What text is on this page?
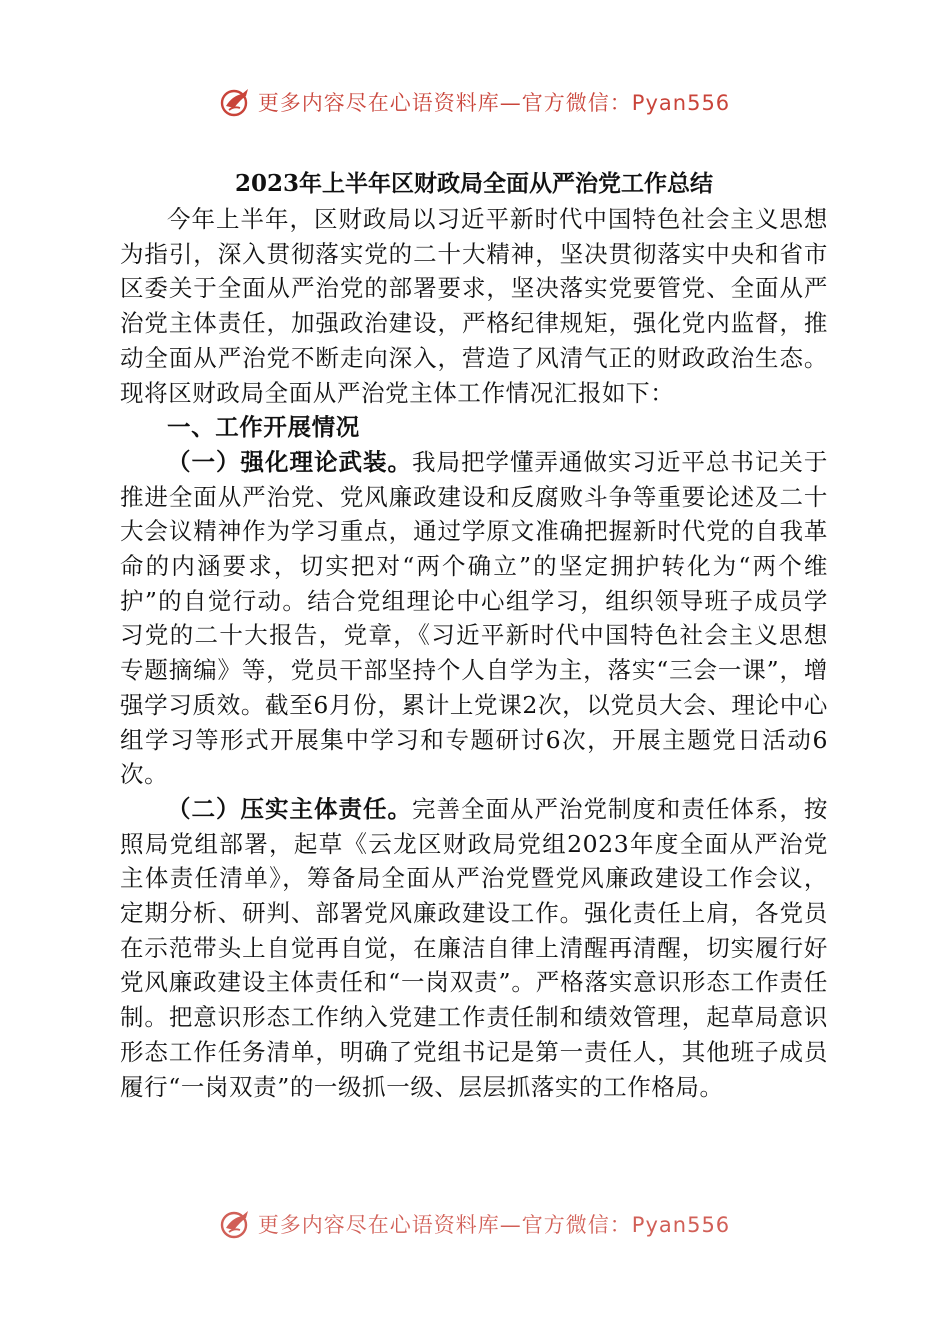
更多内容尽在心语资料库—官方微信：Pyan556
2023年上半年区财政局全面从严治党工作总结

今年上半年，区财政局以习近平新时代中国特色社会主义思想为指引，深入贯彻落实党的二十大精神，坚决贯彻落实中央和省市区委关于全面从严治党的部署要求，坚决落实党要管党、全面从严治党主体责任，加强政治建设，严格纪律规矩，强化党内监督，推动全面从严治党不断走向深入，营造了风清气正的财政政治生态。现将区财政局全面从严治党主体工作情况汇报如下：

一、工作开展情况

（一）强化理论武装。我局把学懂弄通做实习近平总书记关于推进全面从严治党、党风廉政建设和反腐败斗争等重要论述及二十大会议精神作为学习重点，通过学原文准确把握新时代党的自我革命的内涵要求，切实把对“两个确立”的坚定拥护转化为“两个维护”的自觉行动。结合党组理论中心组学习，组织领导班子成员学习党的二十大报告，党章，《习近平新时代中国特色社会主义思想专题摘编》等，党员干部坚持个人自学为主，落实“三会一课”，增强学习质效。截至6月份，累计上党课2次，以党员大会、理论中心组学习等形式开展集中学习和专题研讨6次，开展主题党日活动6次。

（二）压实主体责任。完善全面从严治党制度和责任体系，按照局党组部署，起草《云龙区财政局党组2023年度全面从严治党主体责任清单》，筹备局全面从严治党暨党风廉政建设工作会议，定期分析、研判、部署党风廉政建设工作。强化责任上肩，各党员在示范带头上自觉再自觉，在廉洁自律上清醒再清醒，切实履行好党风廉政建设主体责任和“一岗双责”。严格落实意识形态工作责任制。把意识形态工作纳入党建工作责任制和绩效管理，起草局意识形态工作任务清单，明确了党组书记是第一责任人，其他班子成员履行“一岗双责”的一级抓一级、层层抓落实的工作格局。

更多内容尽在心语资料库—官方微信：Pyan556
